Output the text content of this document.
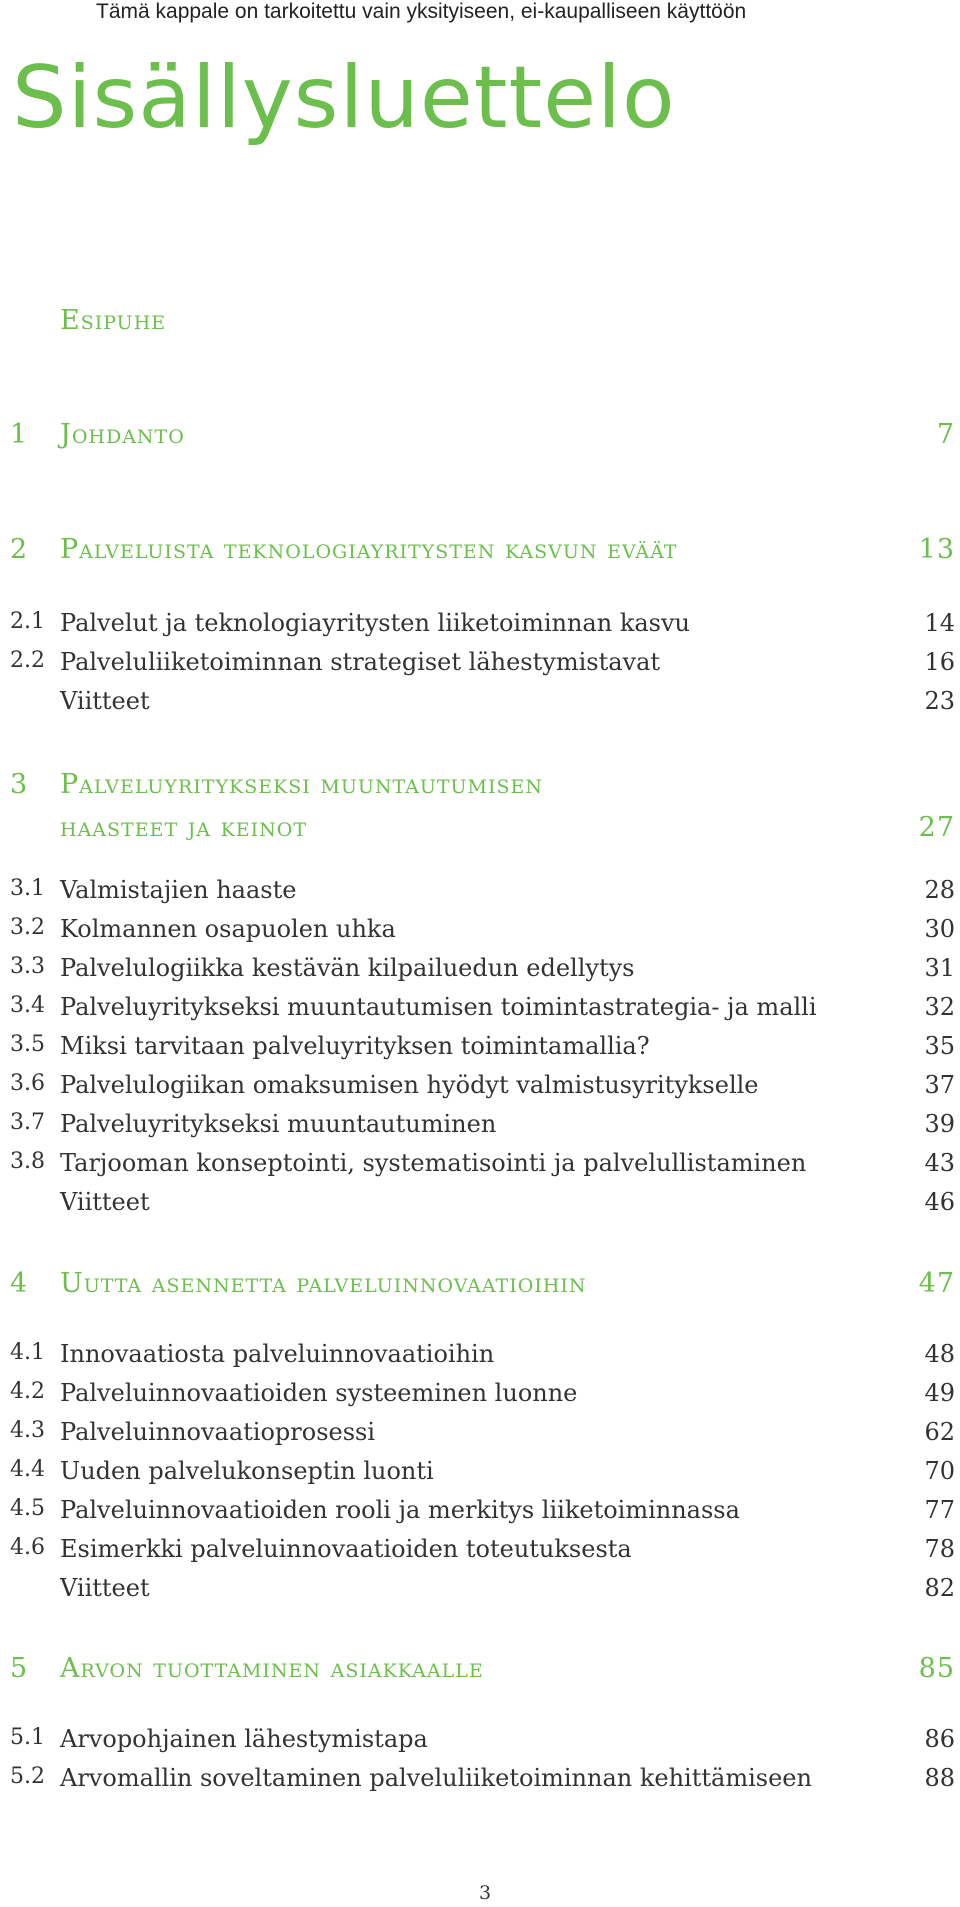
Tämä kappale on tarkoitettu vain yksityiseen, ei-kaupalliseen käyttöön
Sisällysluettelo
Esipuhe
1 Johdanto	7
2 Palveluista teknologiayritysten kasvun eväät	13
2.1 Palvelut ja teknologiayritysten liiketoiminnan kasvu	14
2.2 Palveluliiketoiminnan strategiset lähestymistavat	16
Viitteet	23
3 Palveluyritykseksi muuntautumisen
haasteet ja keinot	27
3.1 Valmistajien haaste	28
3.2 Kolmannen osapuolen uhka	30
3.3 Palvelulogiikka kestävän kilpailuedun edellytys	31
3.4 Palveluyritykseksi muuntautumisen toimintastrategia- ja malli	32
3.5 Miksi tarvitaan palveluyrityksen toimintamallia?	35
3.6 Palvelulogiikan omaksumisen hyödyt valmistusyritykselle	37
3.7 Palveluyritykseksi muuntautuminen	39
3.8 Tarjooman konseptointi, systematisointi ja palvelullistaminen	43
Viitteet	46
4 Uutta asennetta palveluinnovaatioihin	47
4.1 Innovaatiosta palveluinnovaatioihin	48
4.2 Palveluinnovaatioiden systeeminen luonne	49
4.3 Palveluinnovaatioprosessi	62
4.4 Uuden palvelukonseptin luonti	70
4.5 Palveluinnovaatioiden rooli ja merkitys liiketoiminnassa	77
4.6 Esimerkki palveluinnovaatioiden toteutuksesta	78
Viitteet	82
5 Arvon tuottaminen asiakkaalle	85
5.1 Arvopohjainen lähestymistapa	86
5.2 Arvomallin soveltaminen palveluliiketoiminnan kehittämiseen	88
3
